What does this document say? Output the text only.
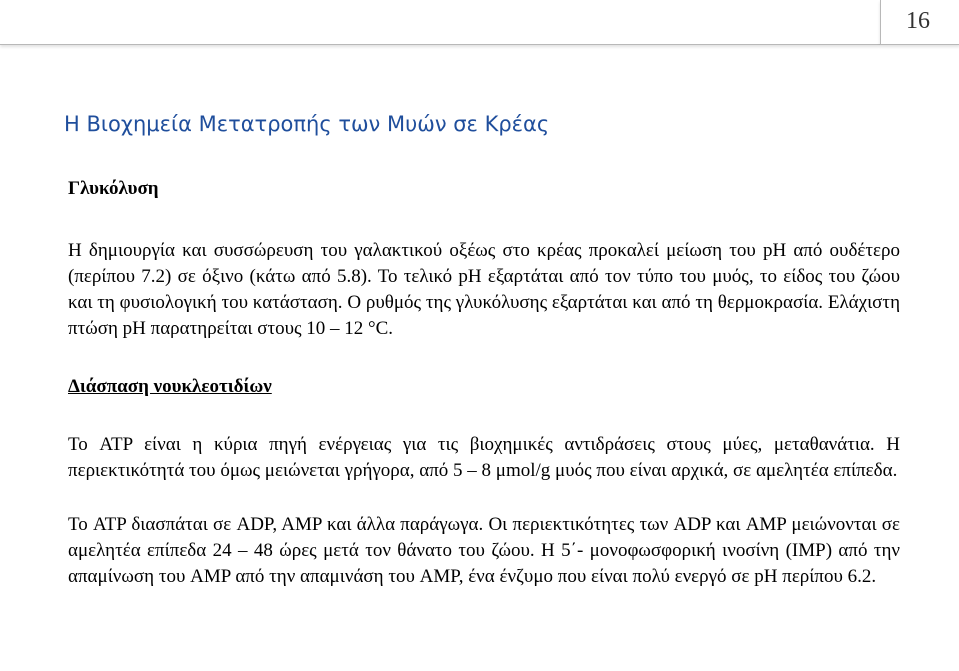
16
Η Βιοχημεία Μετατροπής των Μυών σε Κρέας

Γλυκόλυση

Η δημιουργία και συσσώρευση του γαλακτικού οξέως στο κρέας προκαλεί μείωση του pH από ουδέτερο (περίπου 7.2) σε όξινο (κάτω από 5.8). Το τελικό pH εξαρτάται από τον τύπο του μυός, το είδος του ζώου και τη φυσιολογική του κατάσταση. Ο ρυθμός της γλυκόλυσης εξαρτάται και από τη θερμοκρασία. Ελάχιστη πτώση pH παρατηρείται στους 10 – 12 °C.

Διάσπαση νουκλεοτιδίων

Το ATP είναι η κύρια πηγή ενέργειας για τις βιοχημικές αντιδράσεις στους μύες, μεταθανάτια. Η περιεκτικότητά του όμως μειώνεται γρήγορα, από 5 – 8 μmol/g μυός που είναι αρχικά, σε αμελητέα επίπεδα.

Το ATP διασπάται σε ADP, AMP και άλλα παράγωγα. Οι περιεκτικότητες των ADP και AMP μειώνονται σε αμελητέα επίπεδα 24 – 48 ώρες μετά τον θάνατο του ζώου. Η 5΄- μονοφωσφορική ινοσίνη (IMP) από την απαμίνωση του AMP από την απαμινάση του AMP, ένα ένζυμο που είναι πολύ ενεργό σε pH περίπου 6.2.
